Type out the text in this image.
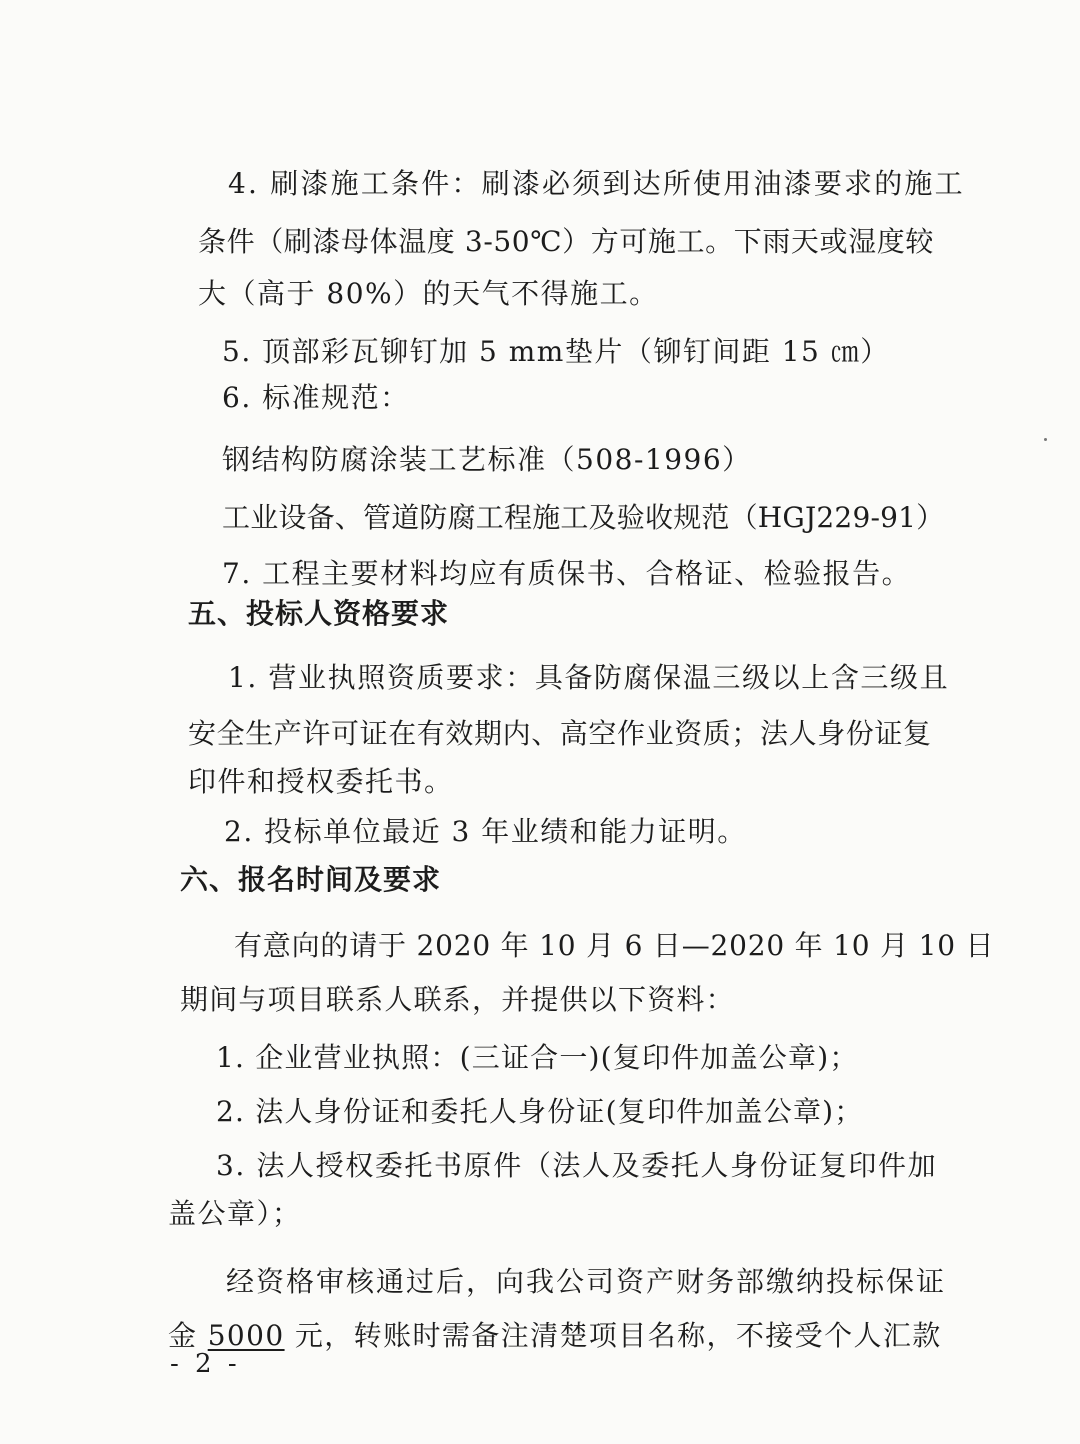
4. 刷漆施工条件：刷漆必须到达所使用油漆要求的施工
条件（刷漆母体温度 3-50℃）方可施工。下雨天或湿度较
大（高于 80%）的天气不得施工。
5. 顶部彩瓦铆钉加 5 mm垫片（铆钉间距 15 ㎝）
6. 标准规范：
钢结构防腐涂装工艺标准（508-1996）
工业设备、管道防腐工程施工及验收规范（HGJ229-91）
7. 工程主要材料均应有质保书、合格证、检验报告。
五、投标人资格要求
1. 营业执照资质要求：具备防腐保温三级以上含三级且
安全生产许可证在有效期内、高空作业资质；法人身份证复
印件和授权委托书。
2. 投标单位最近 3 年业绩和能力证明。
六、报名时间及要求
有意向的请于 2020 年 10 月 6 日—2020 年 10 月 10 日
期间与项目联系人联系，并提供以下资料：
1. 企业营业执照：(三证合一)(复印件加盖公章)；
2. 法人身份证和委托人身份证(复印件加盖公章)；
3. 法人授权委托书原件（法人及委托人身份证复印件加
盖公章）；
经资格审核通过后，向我公司资产财务部缴纳投标保证
金 5000 元，转账时需备注清楚项目名称，不接受个人汇款
- 2 -
